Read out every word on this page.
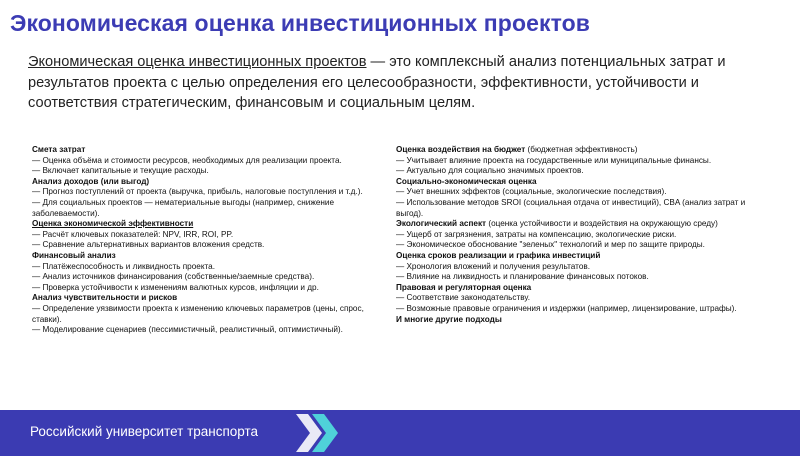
Экономическая оценка инвестиционных проектов
Экономическая оценка инвестиционных проектов — это комплексный анализ потенциальных затрат и результатов проекта с целью определения его целесообразности, эффективности, устойчивости и соответствия стратегическим, финансовым и социальным целям.
Смета затрат
— Оценка объёма и стоимости ресурсов, необходимых для реализации проекта.
— Включает капитальные и текущие расходы.
Анализ доходов (или выгод)
— Прогноз поступлений от проекта (выручка, прибыль, налоговые поступления и т.д.).
— Для социальных проектов — нематериальные выгоды (например, снижение заболеваемости).
Оценка экономической эффективности
— Расчёт ключевых показателей: NPV, IRR, ROI, PP.
— Сравнение альтернативных вариантов вложения средств.
Финансовый анализ
— Платёжеспособность и ликвидность проекта.
— Анализ источников финансирования (собственные/заемные средства).
— Проверка устойчивости к изменениям валютных курсов, инфляции и др.
Анализ чувствительности и рисков
— Определение уязвимости проекта к изменению ключевых параметров (цены, спрос, ставки).
— Моделирование сценариев (пессимистичный, реалистичный, оптимистичный).
Оценка воздействия на бюджет (бюджетная эффективность)
— Учитывает влияние проекта на государственные или муниципальные финансы.
— Актуально для социально значимых проектов.
Социально-экономическая оценка
— Учет внешних эффектов (социальные, экологические последствия).
— Использование методов SROI (социальная отдача от инвестиций), CBA (анализ затрат и выгод).
Экологический аспект (оценка устойчивости и воздействия на окружающую среду)
— Ущерб от загрязнения, затраты на компенсацию, экологические риски.
— Экономическое обоснование "зеленых" технологий и мер по защите природы.
Оценка сроков реализации и графика инвестиций
— Хронология вложений и получения результатов.
— Влияние на ликвидность и планирование финансовых потоков.
Правовая и регуляторная оценка
— Соответствие законодательству.
— Возможные правовые ограничения и издержки (например, лицензирование, штрафы).
И многие другие подходы
Российский университет транспорта
